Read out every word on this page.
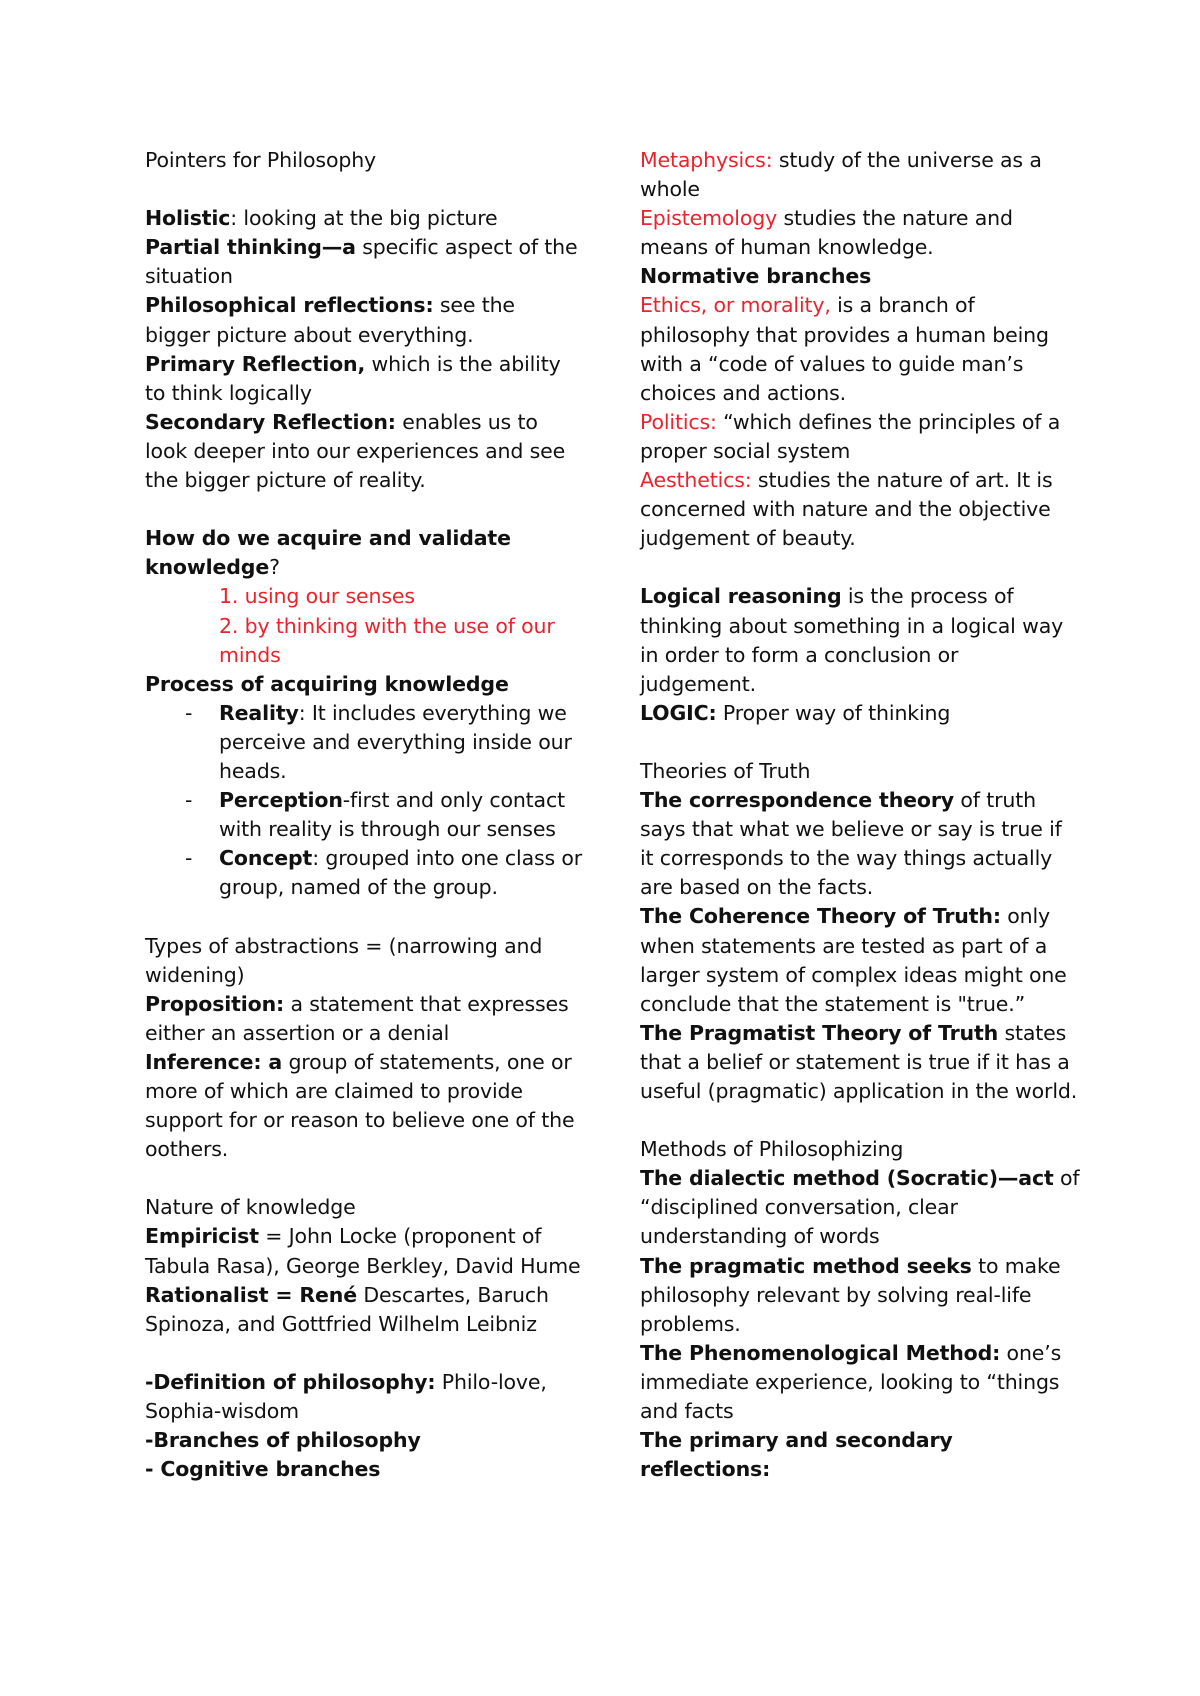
Pointers for Philosophy

Holistic: looking at the big picture

Partial thinking—a specific aspect of the situation

Philosophical reflections: see the bigger picture about everything.

Primary Reflection, which is the ability to think logically

Secondary Reflection: enables us to look deeper into our experiences and see the bigger picture of reality.

How do we acquire and validate knowledge?

1. using our senses

2. by thinking with the use of our minds

Process of acquiring knowledge

- Reality: It includes everything we perceive and everything inside our heads.

- Perception-first and only contact with reality is through our senses

- Concept: grouped into one class or group, named of the group.

Types of abstractions = (narrowing and widening)

Proposition: a statement that expresses either an assertion or a denial

Inference: a group of statements, one or more of which are claimed to provide support for or reason to believe one of the oothers.

Nature of knowledge

Empiricist = John Locke (proponent of Tabula Rasa), George Berkley, David Hume

Rationalist = René Descartes, Baruch Spinoza, and Gottfried Wilhelm Leibniz

-Definition of philosophy: Philo-love, Sophia-wisdom

-Branches of philosophy

- Cognitive branches

Metaphysics: study of the universe as a whole

Epistemology studies the nature and means of human knowledge.

Normative branches

Ethics, or morality, is a branch of philosophy that provides a human being with a “code of values to guide man’s choices and actions.

Politics: “which defines the principles of a proper social system

Aesthetics: studies the nature of art. It is concerned with nature and the objective judgement of beauty.

Logical reasoning is the process of thinking about something in a logical way in order to form a conclusion or judgement.

LOGIC: Proper way of thinking

Theories of Truth

The correspondence theory of truth says that what we believe or say is true if it corresponds to the way things actually are based on the facts.

The Coherence Theory of Truth: only when statements are tested as part of a larger system of complex ideas might one conclude that the statement is "true.”

The Pragmatist Theory of Truth states that a belief or statement is true if it has a useful (pragmatic) application in the world.

Methods of Philosophizing

The dialectic method (Socratic)—act of “disciplined conversation, clear understanding of words

The pragmatic method seeks to make philosophy relevant by solving real-life problems.

The Phenomenological Method: one’s immediate experience, looking to “things and facts

The primary and secondary reflections:
